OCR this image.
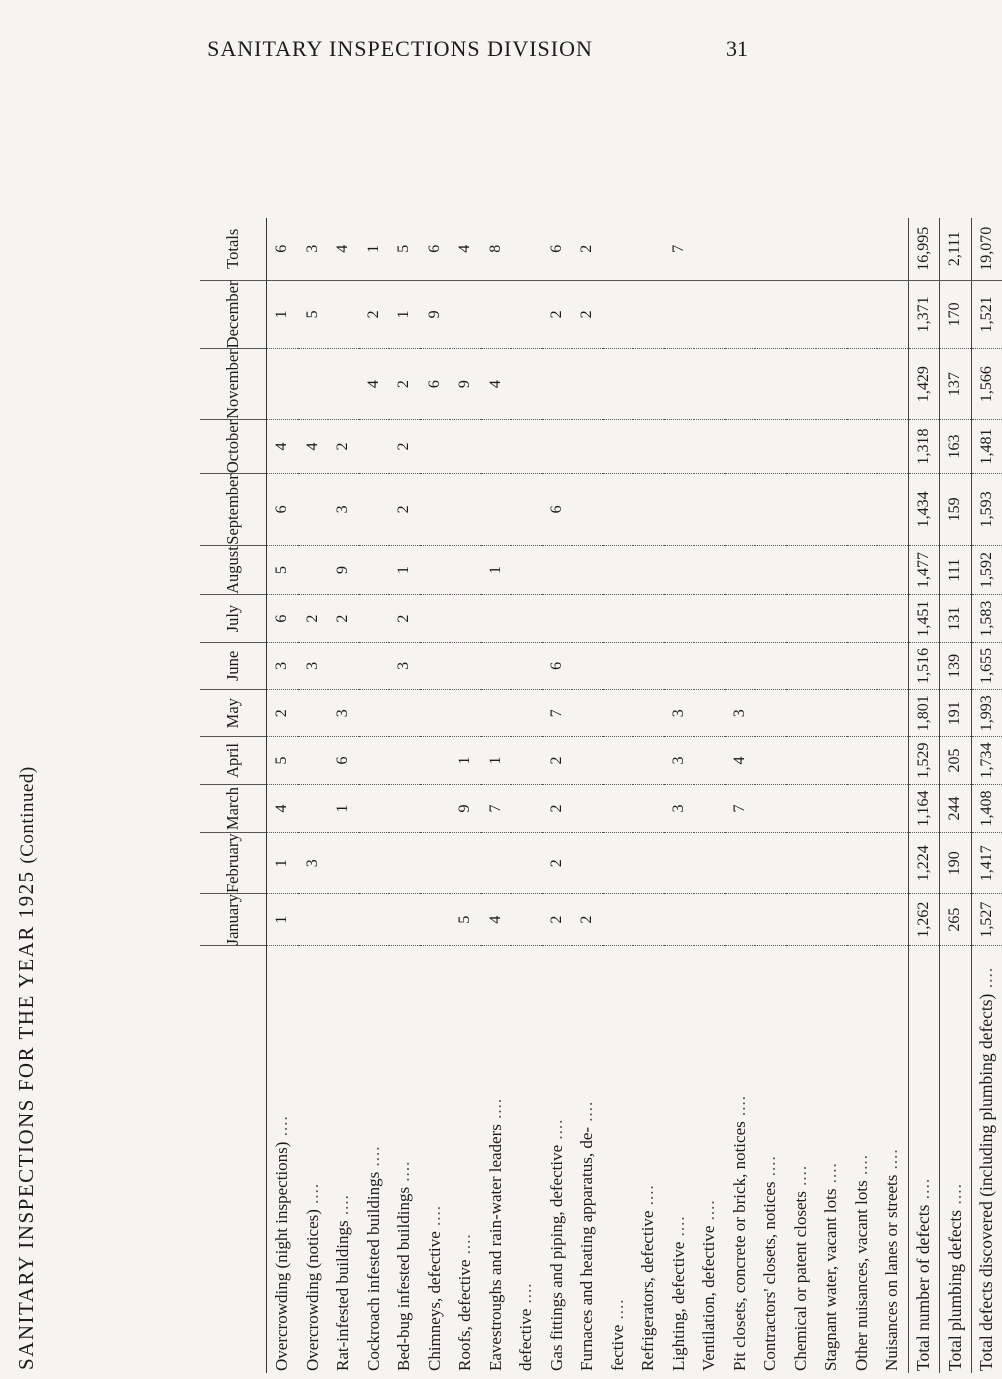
SANITARY INSPECTIONS DIVISION	31
SANITARY INSPECTIONS FOR THE YEAR 1925 (Continued)
	January	February	March	April	May	June	July	August	September	October	November	December	Totals
Overcrowding (night inspections) ....	1	1	4	5	2	3	6	5	6	4		1	6
Overcrowding (notices) ....		3				3	2			4		5	3
Rat-infested buildings ....			1	6	3		2	9	3	2			4
Cockroach infested buildings ....											4	2	1
Bed-bug infested buildings ....						3	2	1	2	2	2	1	5
Chimneys, defective ....											6	9	6
Roofs, defective ....	5		9	1							9		4
Eavestroughs and rain-water leaders ....	4		7	1				1			4		8
defective ....													
Gas fittings and piping, defective ....	2	2	2	2	7	6			6			2	6
Furnaces and heating apparatus, de- ....	2											2	2
fective ....													
Refrigerators, defective ....													
Lighting, defective ....			3	3	3								7
Ventilation, defective ....													
Pit closets, concrete or brick, notices ....			7	4	3								
Contractors' closets, notices ....													
Chemical or patent closets ....													
Stagnant water, vacant lots ....													
Other nuisances, vacant lots ....													
Nuisances on lanes or streets ....													
Total number of defects ....	1,262	1,224	1,164	1,529	1,801	1,516	1,451	1,477	1,434	1,318	1,429	1,371	16,995
Total plumbing defects ....	265	190	244	205	191	139	131	111	159	163	137	170	2,111
Total defects discovered (including plumbing defects) ....	1,527	1,417	1,408	1,734	1,993	1,655	1,583	1,592	1,593	1,481	1,566	1,521	19,070
